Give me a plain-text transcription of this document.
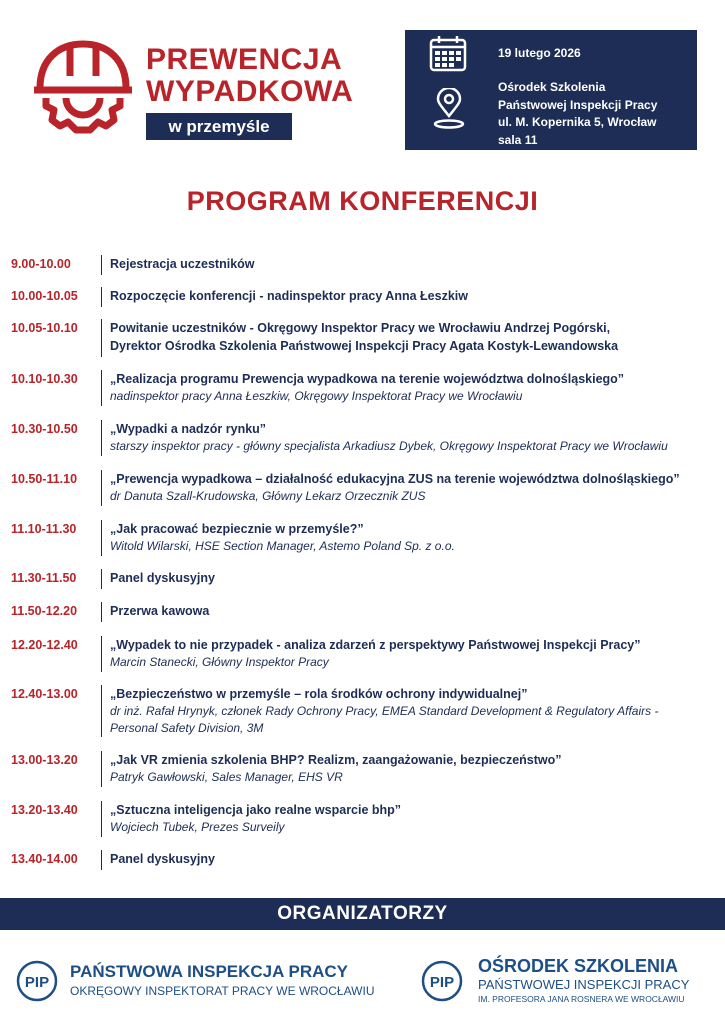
PREWENCJA
WYPADKOWA
w przemyśle
19 lutego 2026
Ośrodek Szkolenia
Państwowej Inspekcji Pracy
ul. M. Kopernika 5, Wrocław
sala 11
PROGRAM KONFERENCJI
9.00-10.00	Rejestracja uczestników
10.00-10.05	Rozpoczęcie konferencji - nadinspektor pracy Anna Łeszkiw
10.05-10.10	Powitanie uczestników - Okręgowy Inspektor Pracy we Wrocławiu Andrzej Pogórski,
Dyrektor Ośrodka Szkolenia Państwowej Inspekcji Pracy Agata Kostyk-Lewandowska
10.10-10.30	„Realizacja programu Prewencja wypadkowa na terenie województwa dolnośląskiego”
nadinspektor pracy Anna Łeszkiw, Okręgowy Inspektorat Pracy we Wrocławiu
10.30-10.50	„Wypadki a nadzór rynku”
starszy inspektor pracy - główny specjalista Arkadiusz Dybek, Okręgowy Inspektorat Pracy we Wrocławiu
10.50-11.10	„Prewencja wypadkowa – działalność edukacyjna ZUS na terenie województwa dolnośląskiego”
dr Danuta Szall-Krudowska, Główny Lekarz Orzecznik ZUS
11.10-11.30	„Jak pracować bezpiecznie w przemyśle?”
Witold Wilarski, HSE Section Manager, Astemo Poland Sp. z o.o.
11.30-11.50	Panel dyskusyjny
11.50-12.20	Przerwa kawowa
12.20-12.40	„Wypadek to nie przypadek - analiza zdarzeń z perspektywy Państwowej Inspekcji Pracy”
Marcin Stanecki, Główny Inspektor Pracy
12.40-13.00	„Bezpieczeństwo w przemyśle – rola środków ochrony indywidualnej”
dr inż. Rafał Hrynyk, członek Rady Ochrony Pracy, EMEA Standard Development & Regulatory Affairs -
Personal Safety Division, 3M
13.00-13.20	„Jak VR zmienia szkolenia BHP? Realizm, zaangażowanie, bezpieczeństwo”
Patryk Gawłowski, Sales Manager, EHS VR
13.20-13.40	„Sztuczna inteligencja jako realne wsparcie bhp”
Wojciech Tubek, Prezes Surveily
13.40-14.00	Panel dyskusyjny
ORGANIZATORZY
PIP
PAŃSTWOWA INSPEKCJA PRACY
OKRĘGOWY INSPEKTORAT PRACY WE WROCŁAWIU	PIP
OŚRODEK SZKOLENIA
PAŃSTWOWEJ INSPEKCJI PRACY
IM. PROFESORA JANA ROSNERA WE WROCŁAWIU
